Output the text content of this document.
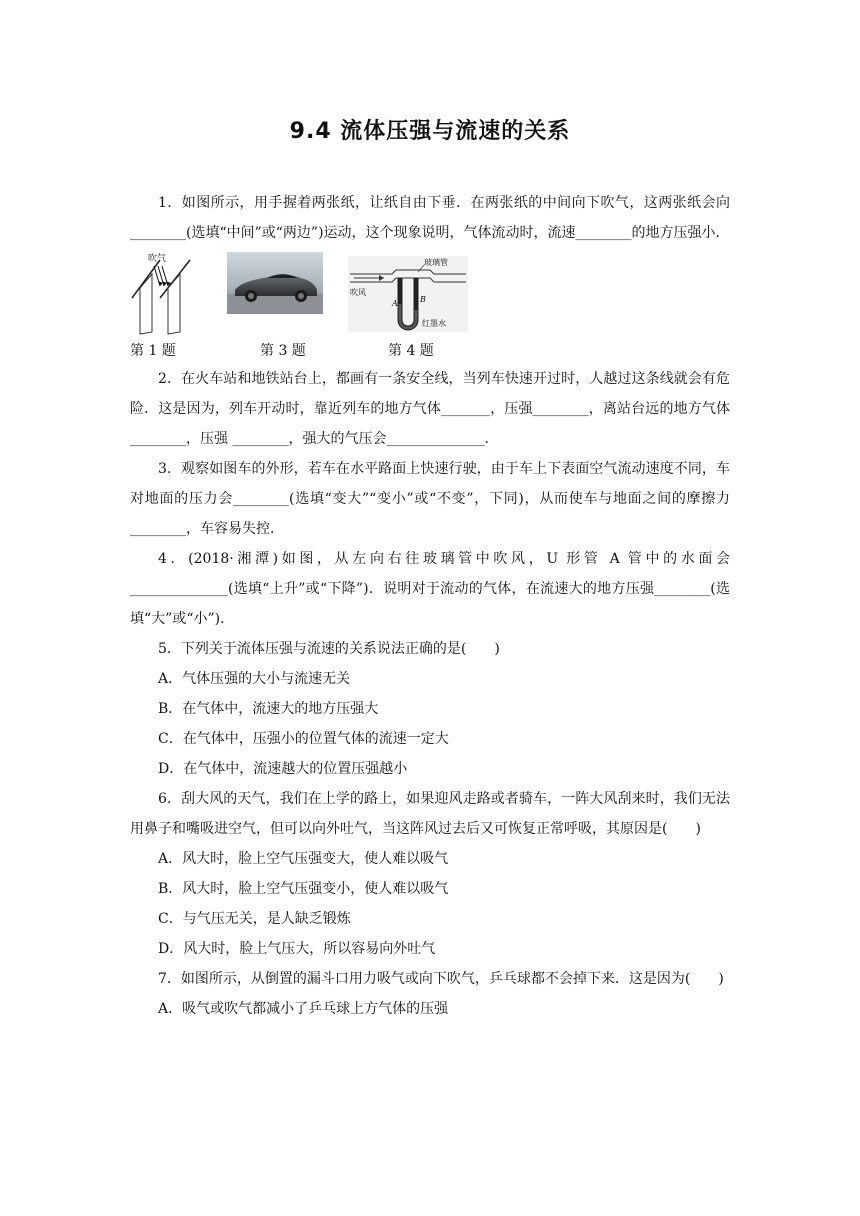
9.4 流体压强与流速的关系

1．如图所示，用手握着两张纸，让纸自由下垂．在两张纸的中间向下吹气，这两张纸会向________(选填“中间”或“两边”)运动，这个现象说明，气体流动时，流速________的地方压强小．

吹气	玻璃管
吹风
A	B
红墨水
第 1 题	第 3 题	第 4 题

2．在火车站和地铁站台上，都画有一条安全线，当列车快速开过时，人越过这条线就会有危险．这是因为，列车开动时，靠近列车的地方气体_______，压强________，离站台远的地方气体________，压强 ________，强大的气压会______________．

3．观察如图车的外形，若车在水平路面上快速行驶，由于车上下表面空气流动速度不同，车对地面的压力会________(选填“变大”“变小”或“不变”，下同)，从而使车与地面之间的摩擦力________，车容易失控．

4．(2018·湘潭)如图，从左向右往玻璃管中吹风，U 形管 A 管中的水面会______________(选填“上升”或“下降”)．说明对于流动的气体，在流速大的地方压强________(选填“大”或“小”)．

5．下列关于流体压强与流速的关系说法正确的是(　　)

A．气体压强的大小与流速无关

B．在气体中，流速大的地方压强大

C．在气体中，压强小的位置气体的流速一定大

D．在气体中，流速越大的位置压强越小

6．刮大风的天气，我们在上学的路上，如果迎风走路或者骑车，一阵大风刮来时，我们无法用鼻子和嘴吸进空气，但可以向外吐气，当这阵风过去后又可恢复正常呼吸，其原因是(　　)

A．风大时，脸上空气压强变大，使人难以吸气

B．风大时，脸上空气压强变小，使人难以吸气

C．与气压无关，是人缺乏锻炼

D．风大时，脸上气压大，所以容易向外吐气

7．如图所示，从倒置的漏斗口用力吸气或向下吹气，乒乓球都不会掉下来．这是因为(　　)

A．吸气或吹气都减小了乒乓球上方气体的压强
